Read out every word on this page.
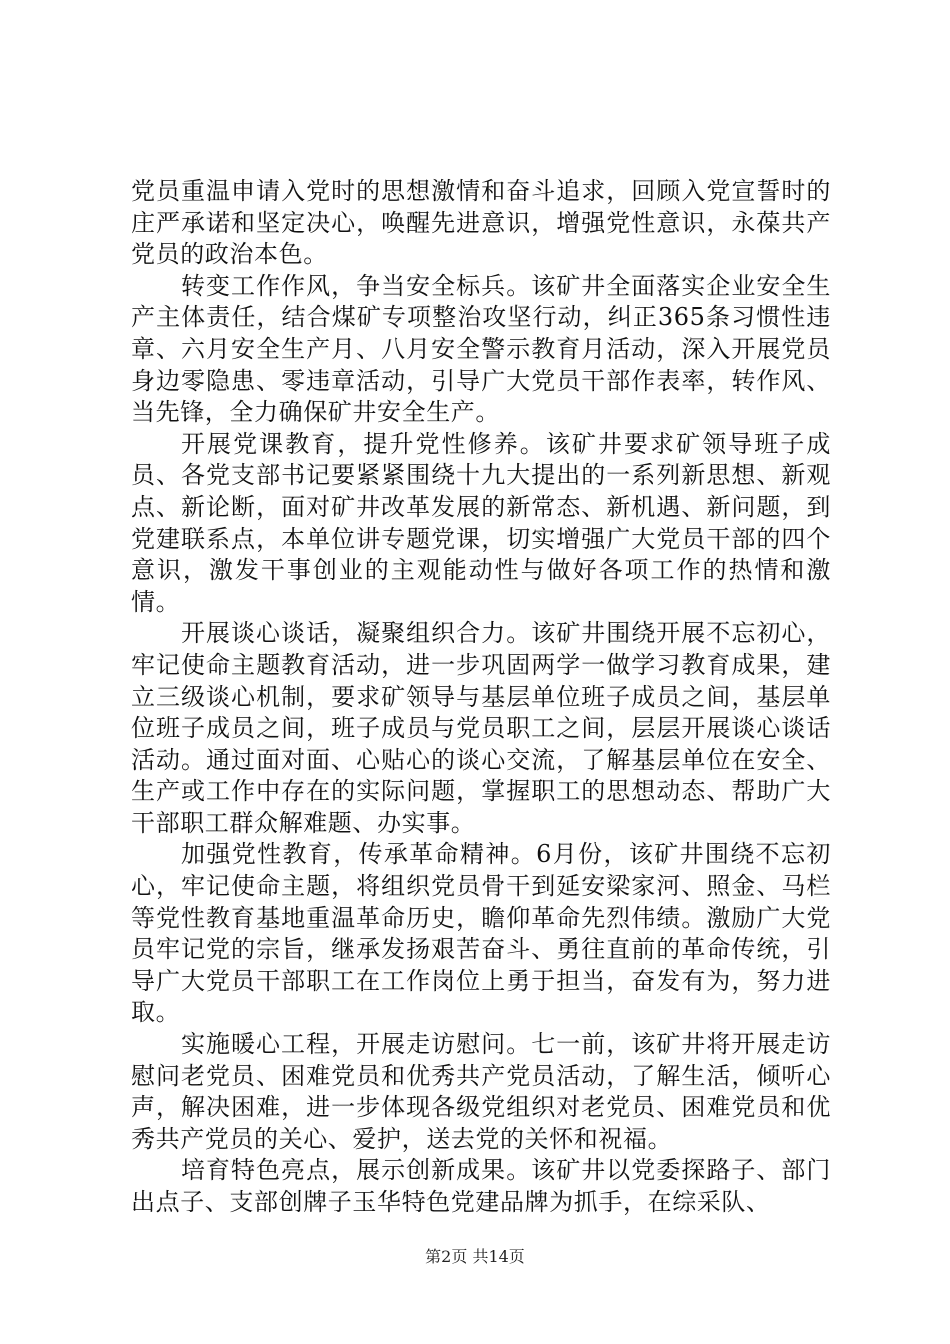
党员重温申请入党时的思想激情和奋斗追求，回顾入党宣誓时的庄严承诺和坚定决心，唤醒先进意识，增强党性意识，永葆共产党员的政治本色。

转变工作作风，争当安全标兵。该矿井全面落实企业安全生产主体责任，结合煤矿专项整治攻坚行动，纠正365条习惯性违章、六月安全生产月、八月安全警示教育月活动，深入开展党员身边零隐患、零违章活动，引导广大党员干部作表率，转作风、当先锋，全力确保矿井安全生产。

开展党课教育，提升党性修养。该矿井要求矿领导班子成员、各党支部书记要紧紧围绕十九大提出的一系列新思想、新观点、新论断，面对矿井改革发展的新常态、新机遇、新问题，到党建联系点，本单位讲专题党课，切实增强广大党员干部的四个意识，激发干事创业的主观能动性与做好各项工作的热情和激情。

开展谈心谈话，凝聚组织合力。该矿井围绕开展不忘初心，牢记使命主题教育活动，进一步巩固两学一做学习教育成果，建立三级谈心机制，要求矿领导与基层单位班子成员之间，基层单位班子成员之间，班子成员与党员职工之间，层层开展谈心谈话活动。通过面对面、心贴心的谈心交流，了解基层单位在安全、生产或工作中存在的实际问题，掌握职工的思想动态、帮助广大干部职工群众解难题、办实事。

加强党性教育，传承革命精神。6月份，该矿井围绕不忘初心，牢记使命主题，将组织党员骨干到延安梁家河、照金、马栏等党性教育基地重温革命历史，瞻仰革命先烈伟绩。激励广大党员牢记党的宗旨，继承发扬艰苦奋斗、勇往直前的革命传统，引导广大党员干部职工在工作岗位上勇于担当，奋发有为，努力进取。

实施暖心工程，开展走访慰问。七一前，该矿井将开展走访慰问老党员、困难党员和优秀共产党员活动，了解生活，倾听心声，解决困难，进一步体现各级党组织对老党员、困难党员和优秀共产党员的关心、爱护，送去党的关怀和祝福。

培育特色亮点，展示创新成果。该矿井以党委探路子、部门出点子、支部创牌子玉华特色党建品牌为抓手，在综采队、

第2页 共14页
